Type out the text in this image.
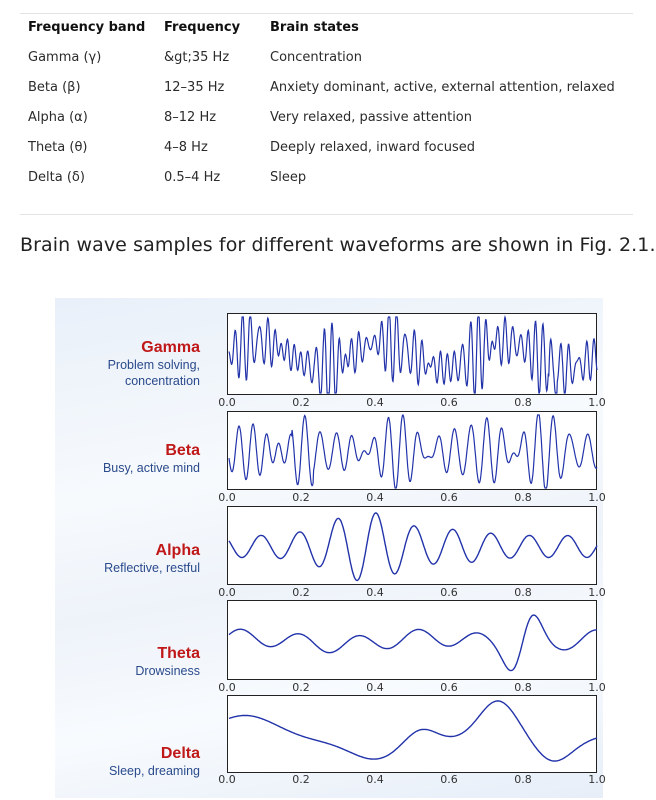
Frequency band	Frequency	Brain states
Gamma (γ)	&gt;35 Hz	Concentration
Beta (β)	12–35 Hz	Anxiety dominant, active, external attention, relaxed
Alpha (α)	8–12 Hz	Very relaxed, passive attention
Theta (θ)	4–8 Hz	Deeply relaxed, inward focused
Delta (δ)	0.5–4 Hz	Sleep
Brain wave samples for different waveforms are shown in Fig. 2.1.
Gamma
Problem solving,
concentration
Beta
Busy, active mind
Alpha
Reflective, restful
Theta
Drowsiness
Delta
Sleep, dreaming
0.0	0.2	0.4	0.6	0.8	1.0
0.0	0.2	0.4	0.6	0.8	1.0
0.0	0.2	0.4	0.6	0.8	1.0
0.0	0.2	0.4	0.6	0.8	1.0
0.0	0.2	0.4	0.6	0.8	1.0
